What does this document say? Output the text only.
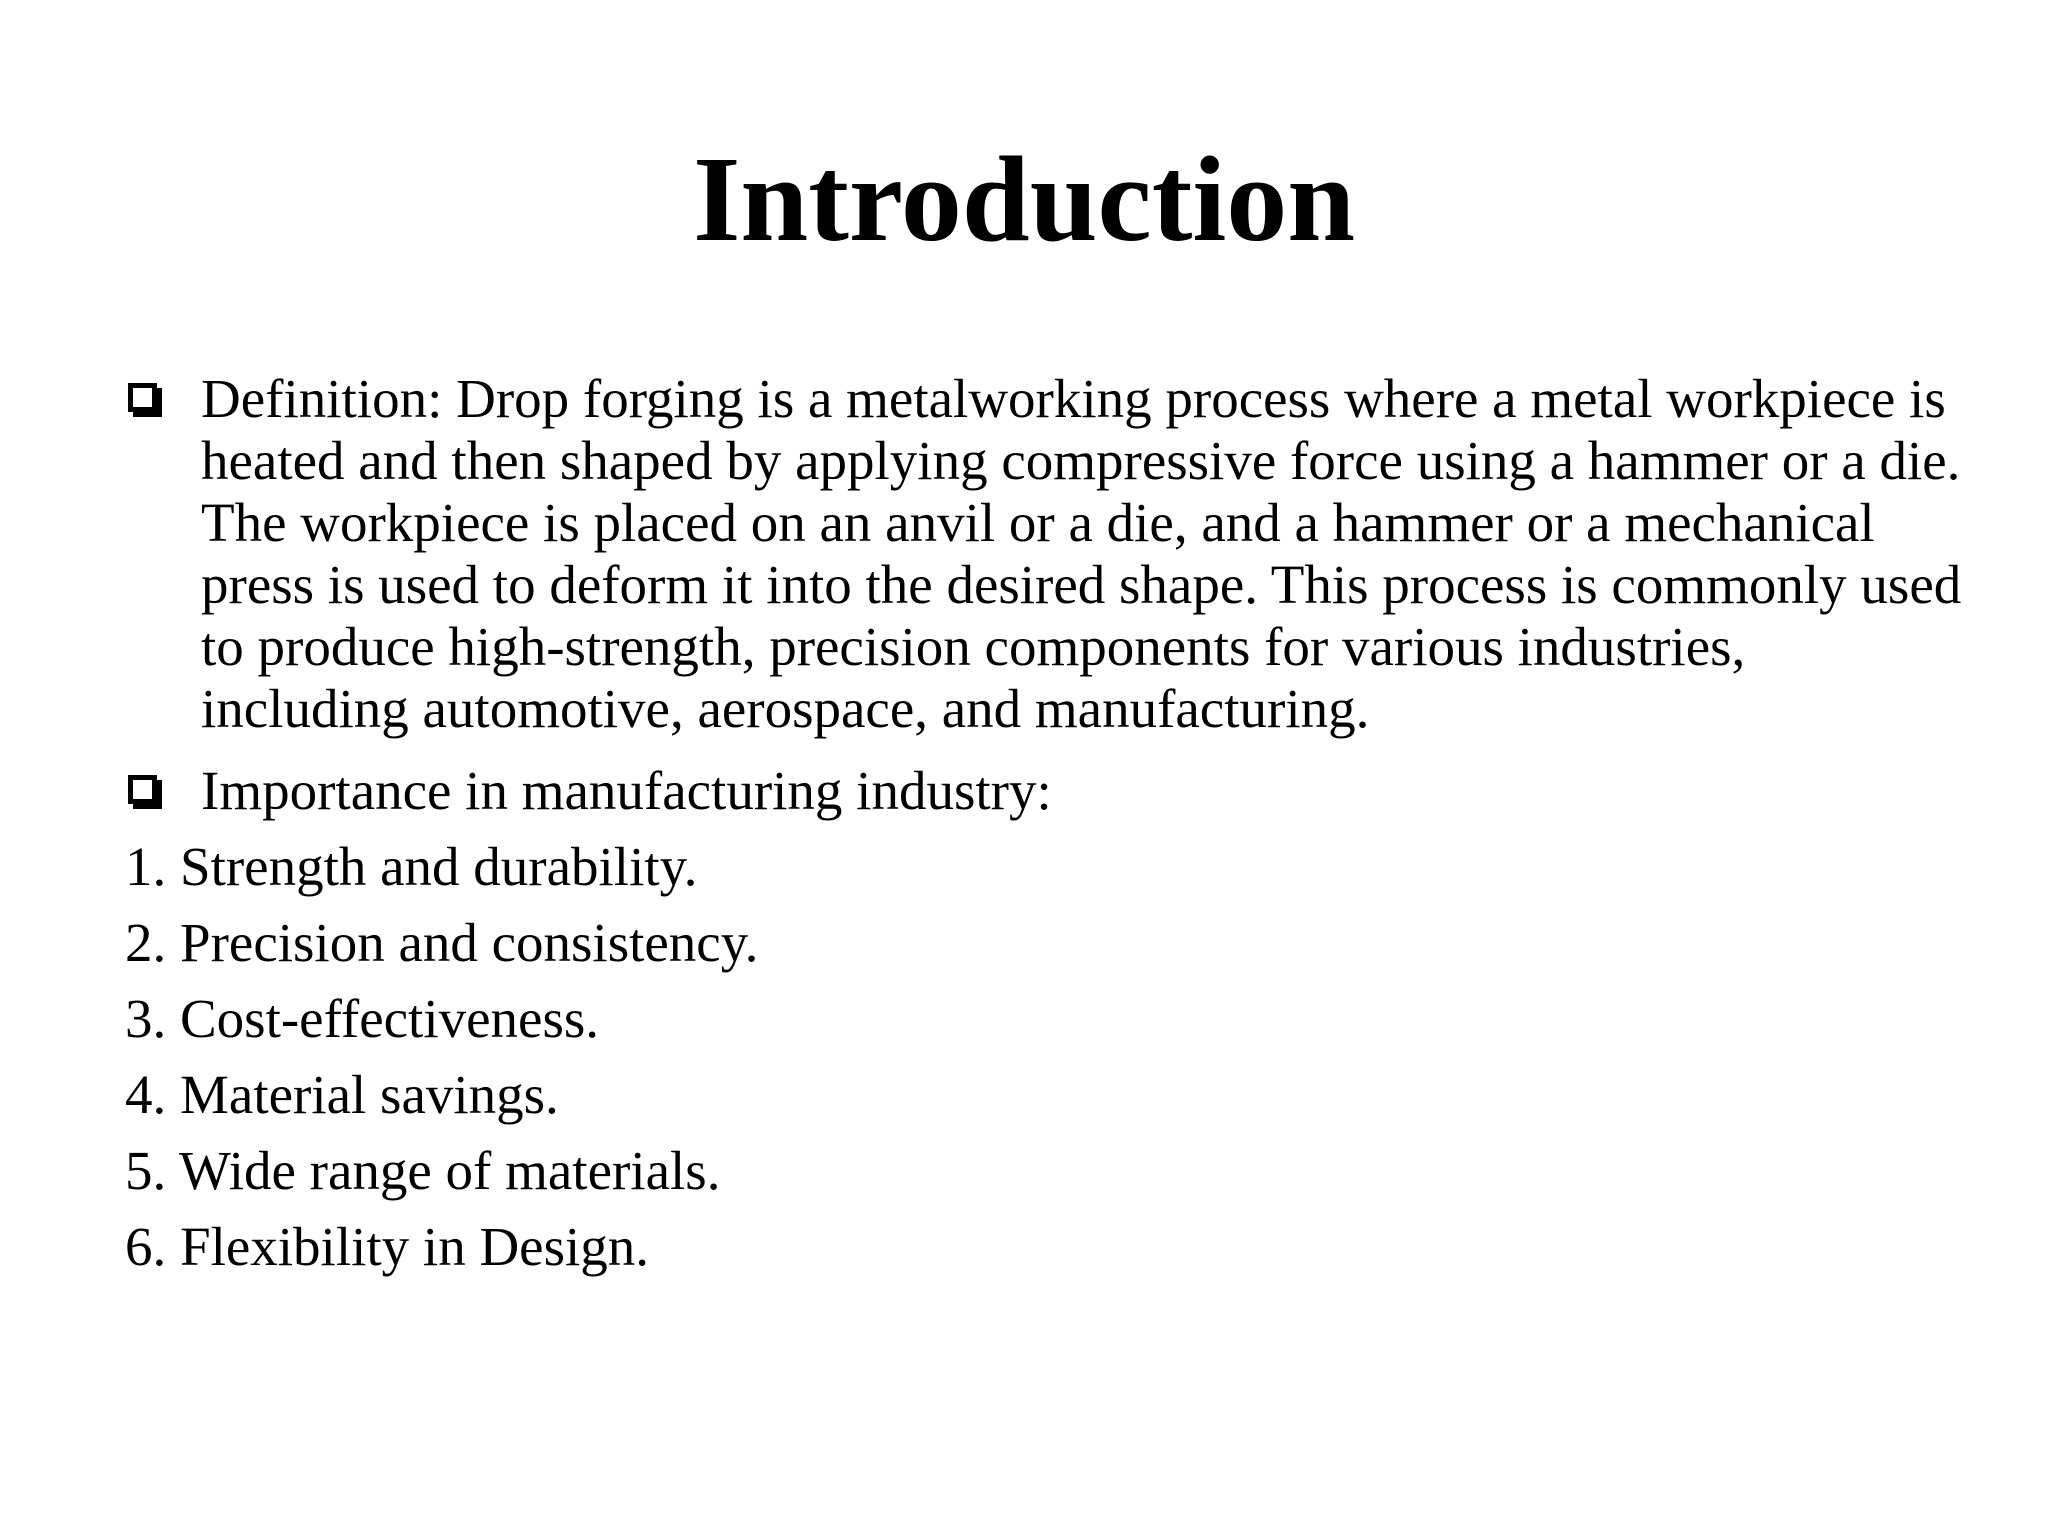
Introduction
Definition: Drop forging is a metalworking process where a metal workpiece is heated and then shaped by applying compressive force using a hammer or a die. The workpiece is placed on an anvil or a die, and a hammer or a mechanical press is used to deform it into the desired shape. This process is commonly used to produce high-strength, precision components for various industries, including automotive, aerospace, and manufacturing.
Importance in manufacturing industry:
1. Strength and durability.
2. Precision and consistency.
3. Cost-effectiveness.
4. Material savings.
5. Wide range of materials.
6. Flexibility in Design.
